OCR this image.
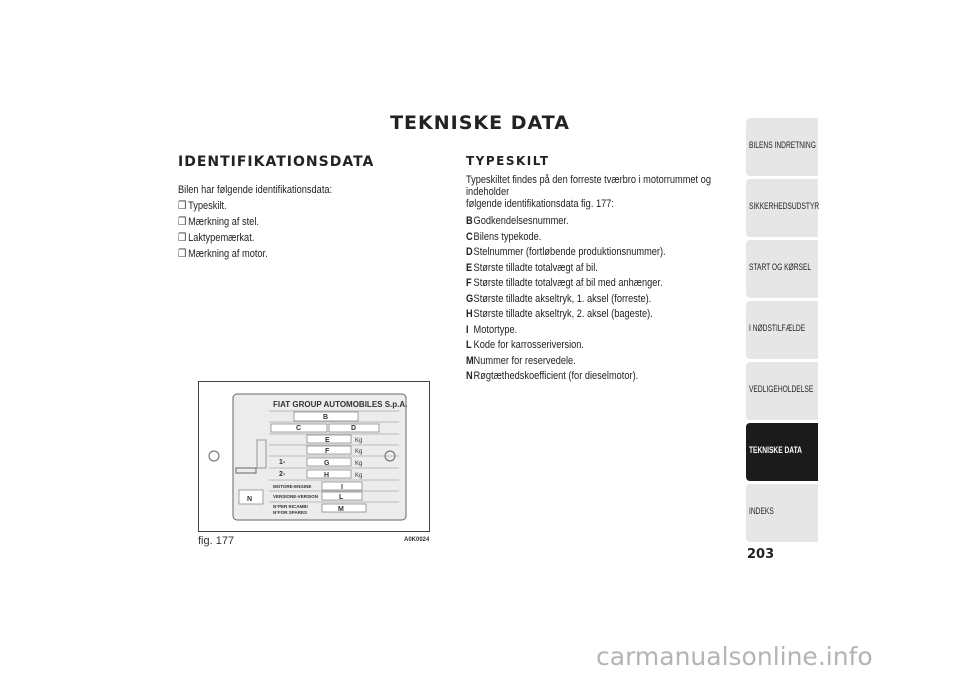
TEKNISKE DATA
IDENTIFIKATIONSDATA
Bilen har følgende identifikationsdata:
❒ Typeskilt.
❒ Mærkning af stel.
❒ Laktypemærkat.
❒ Mærkning af motor.
TYPESKILT
Typeskiltet findes på den forreste tværbro i motorrummet og indeholder
følgende identifikationsdata fig. 177:
B Godkendelsesnummer.
C Bilens typekode.
D Stelnummer (fortløbende produktionsnummer).
E Største tilladte totalvægt af bil.
F Største tilladte totalvægt af bil med anhænger.
G Største tilladte akseltryk, 1. aksel (forreste).
H Største tilladte akseltryk, 2. aksel (bageste).
I Motortype.
L Kode for karrosseriversion.
M Nummer for reservedele.
N Røgtæthedskoefficient (for dieselmotor).
FIAT GROUP AUTOMOBILES S.p.A.
B
C	D
E	Kg
F	Kg
1-	G	Kg
2-	H	Kg
MOTORE-ENGINE	I
VERSIONE-VERSION	L
N°PER RICAMBI
N°FOR SPARES	M
N
fig. 177	A0K0024
BILENS INDRETNING
SIKKERHEDSUDSTYR
START OG KØRSEL
I NØDSTILFÆLDE
VEDLIGEHOLDELSE
TEKNISKE DATA
INDEKS
203
carmanualsonline.info
